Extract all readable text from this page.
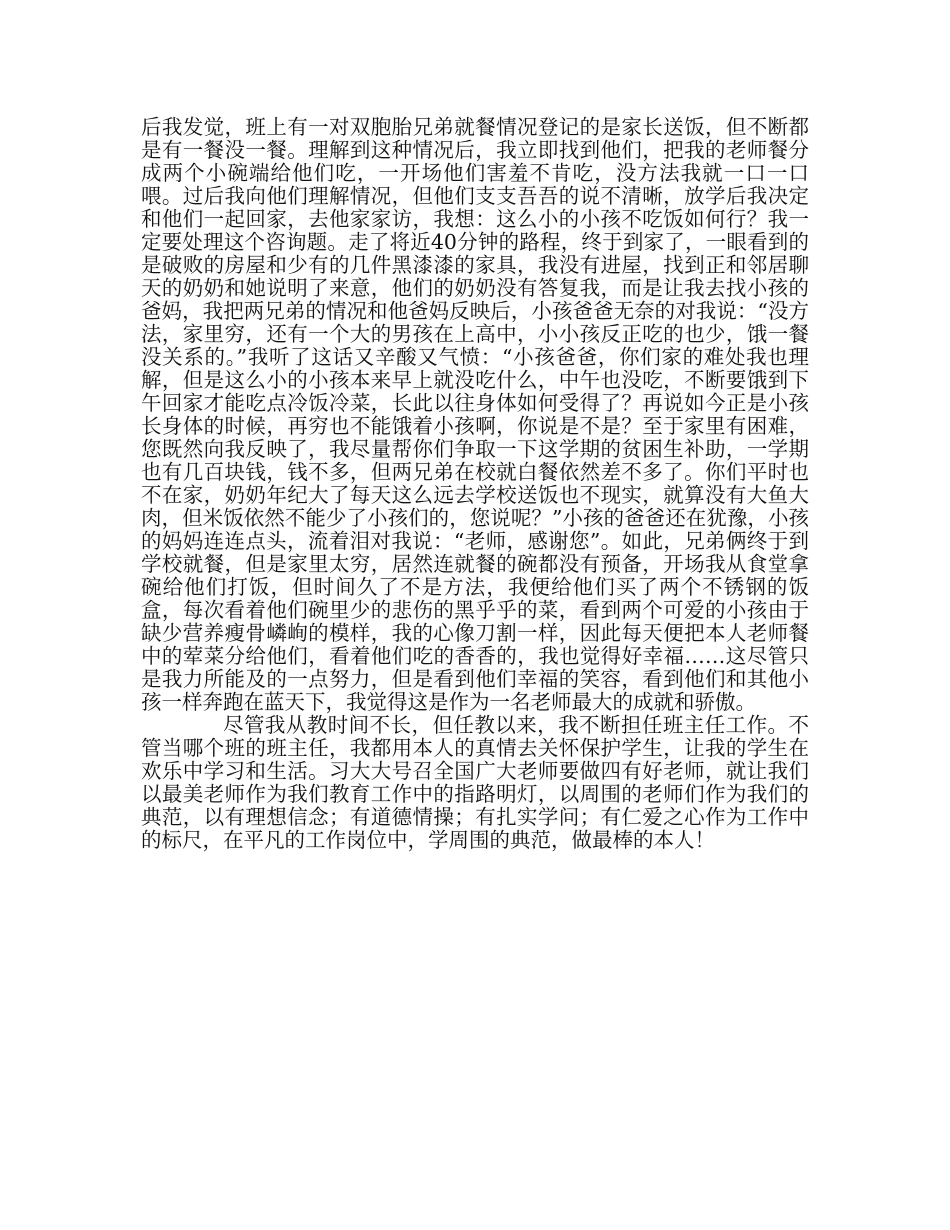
后我发觉，班上有一对双胞胎兄弟就餐情况登记的是家长送饭，但不断都是有一餐没一餐。理解到这种情况后，我立即找到他们，把我的老师餐分成两个小碗端给他们吃，一开场他们害羞不肯吃，没方法我就一口一口喂。过后我向他们理解情况，但他们支支吾吾的说不清晰，放学后我决定和他们一起回家，去他家家访，我想：这么小的小孩不吃饭如何行？我一定要处理这个咨询题。走了将近40分钟的路程，终于到家了，一眼看到的是破败的房屋和少有的几件黑漆漆的家具，我没有进屋，找到正和邻居聊天的奶奶和她说明了来意，他们的奶奶没有答复我，而是让我去找小孩的爸妈，我把两兄弟的情况和他爸妈反映后，小孩爸爸无奈的对我说：“没方法，家里穷，还有一个大的男孩在上高中，小小孩反正吃的也少，饿一餐没关系的。”我听了这话又辛酸又气愤：“小孩爸爸，你们家的难处我也理解，但是这么小的小孩本来早上就没吃什么，中午也没吃，不断要饿到下午回家才能吃点冷饭冷菜，长此以往身体如何受得了？再说如今正是小孩长身体的时候，再穷也不能饿着小孩啊，你说是不是？至于家里有困难，您既然向我反映了，我尽量帮你们争取一下这学期的贫困生补助，一学期也有几百块钱，钱不多，但两兄弟在校就白餐依然差不多了。你们平时也不在家，奶奶年纪大了每天这么远去学校送饭也不现实，就算没有大鱼大肉，但米饭依然不能少了小孩们的，您说呢？”小孩的爸爸还在犹豫，小孩的妈妈连连点头，流着泪对我说：“老师，感谢您”。如此，兄弟俩终于到学校就餐，但是家里太穷，居然连就餐的碗都没有预备，开场我从食堂拿碗给他们打饭，但时间久了不是方法，我便给他们买了两个不锈钢的饭盒，每次看着他们碗里少的悲伤的黑乎乎的菜，看到两个可爱的小孩由于缺少营养瘦骨嶙峋的模样，我的心像刀割一样，因此每天便把本人老师餐中的荤菜分给他们，看着他们吃的香香的，我也觉得好幸福……这尽管只是我力所能及的一点努力，但是看到他们幸福的笑容，看到他们和其他小孩一样奔跑在蓝天下，我觉得这是作为一名老师最大的成就和骄傲。

尽管我从教时间不长，但任教以来，我不断担任班主任工作。不管当哪个班的班主任，我都用本人的真情去关怀保护学生，让我的学生在欢乐中学习和生活。习大大号召全国广大老师要做四有好老师，就让我们以最美老师作为我们教育工作中的指路明灯，以周围的老师们作为我们的典范，以有理想信念；有道德情操；有扎实学问；有仁爱之心作为工作中的标尺，在平凡的工作岗位中，学周围的典范，做最棒的本人！
